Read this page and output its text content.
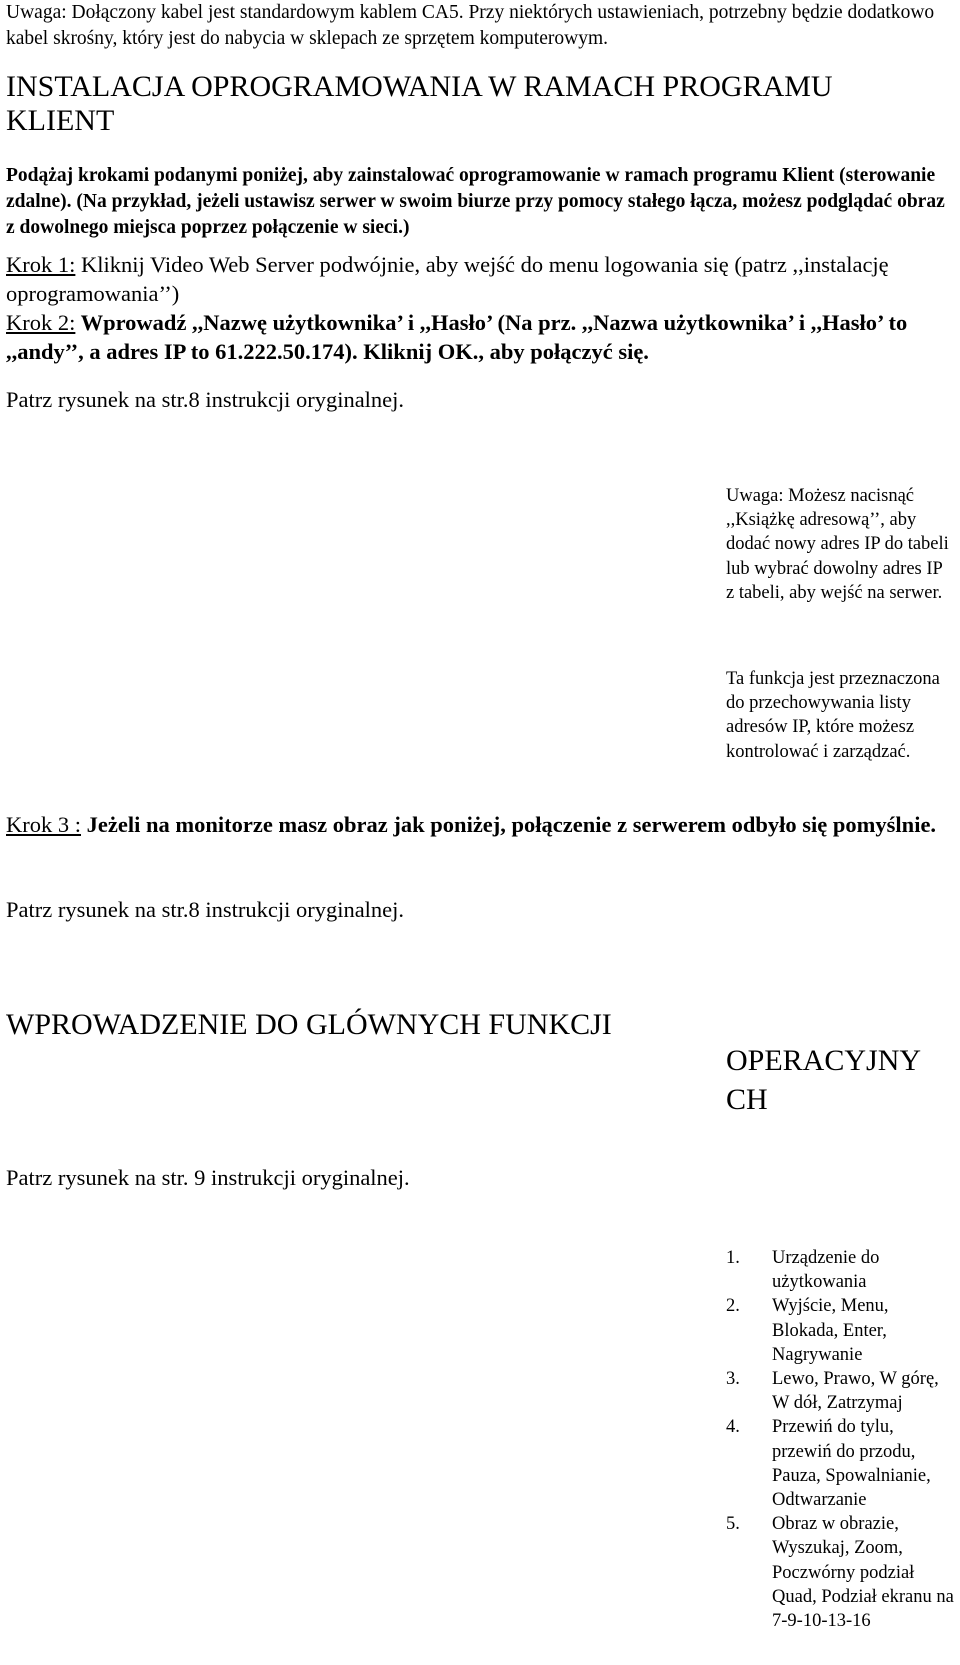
Uwaga: Dołączony kabel jest standardowym kablem CA5. Przy niektórych ustawieniach, potrzebny będzie dodatkowo kabel skrośny, który jest do nabycia w sklepach ze sprzętem komputerowym.
INSTALACJA OPROGRAMOWANIA W RAMACH PROGRAMU KLIENT
Podążaj krokami podanymi poniżej, aby zainstalować oprogramowanie w ramach programu Klient (sterowanie zdalne). (Na przykład, jeżeli ustawisz serwer w swoim biurze przy pomocy stałego łącza, możesz podglądać obraz z dowolnego miejsca poprzez połączenie w sieci.)
Krok 1: Kliknij Video Web Server podwójnie, aby wejść do menu logowania się (patrz ,,instalację oprogramowania’’)
Krok 2: Wprowadź ,,Nazwę użytkownika’ i ,,Hasło’ (Na prz. ,,Nazwa użytkownika’ i ,,Hasło’ to ,,andy’’, a adres IP to 61.222.50.174). Kliknij OK., aby połączyć się.
Patrz rysunek na str.8 instrukcji oryginalnej.
Uwaga: Możesz nacisnąć ,,Książkę adresową’’, aby dodać nowy adres IP do tabeli lub wybrać dowolny adres IP z tabeli, aby wejść na serwer.
Ta funkcja jest przeznaczona do przechowywania listy adresów IP, które możesz kontrolować i zarządzać.
Krok 3 : Jeżeli na monitorze masz obraz jak poniżej, połączenie z serwerem odbyło się pomyślnie.
Patrz rysunek na str.8 instrukcji oryginalnej.
WPROWADZENIE DO GLÓWNYCH FUNKCJI
OPERACYJNY CH
Patrz rysunek na str. 9 instrukcji oryginalnej.
1.	Urządzenie do użytkowania
2.	Wyjście, Menu, Blokada, Enter, Nagrywanie
3.	Lewo, Prawo, W górę, W dół, Zatrzymaj
4.	Przewiń do tylu, przewiń do przodu, Pauza, Spowalnianie, Odtwarzanie
5.	Obraz w obrazie, Wyszukaj, Zoom, Poczwórny podział Quad, Podział ekranu na 7-9-10-13-16
